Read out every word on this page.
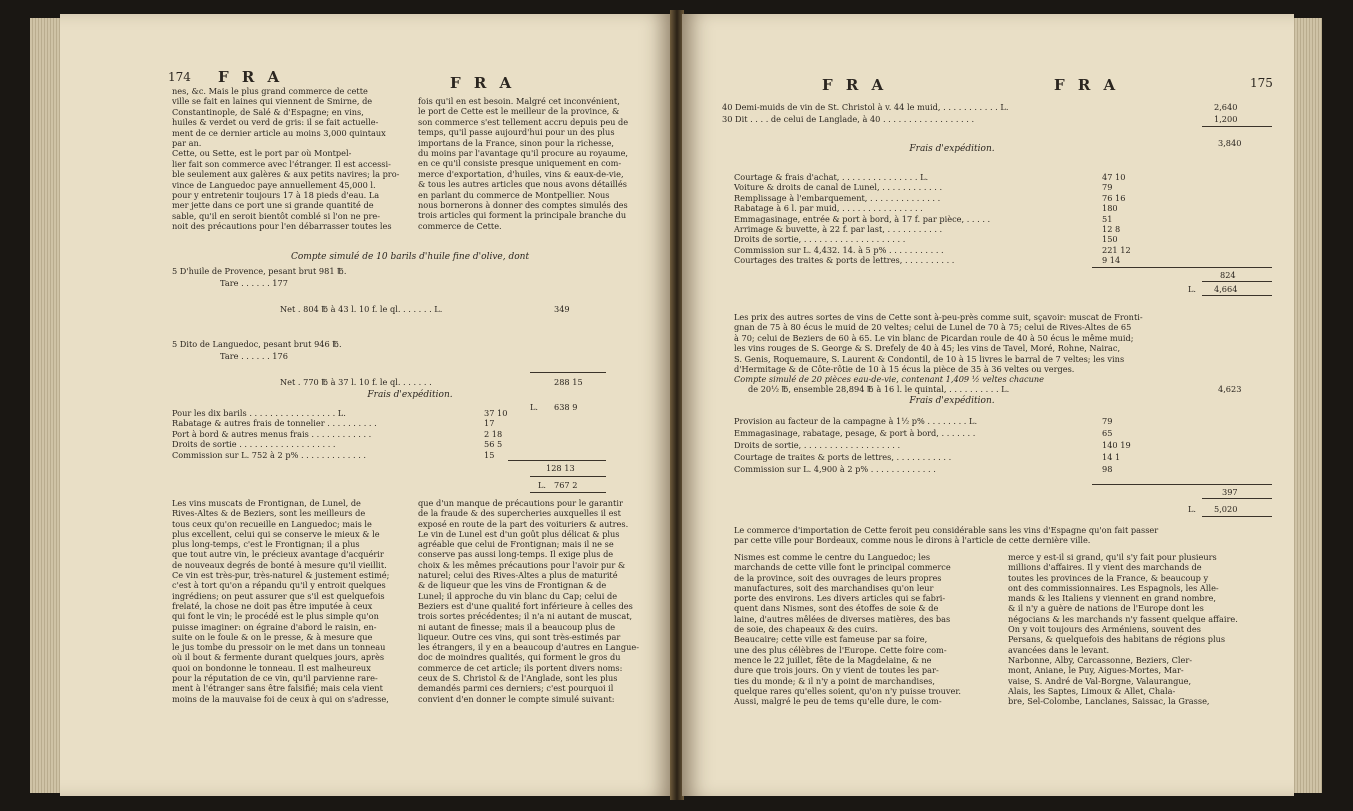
174 F R A	F R A
nes, &c. Mais le plus grand commerce de cette
ville se fait en laines qui viennent de Smirne, de
Constantinople, de Salé & d'Espagne; en vins,
huiles & verdet ou verd de gris: il se fait actuelle-
ment de ce dernier article au moins 3,000 quintaux
par an.
Cette, ou Sette, est le port par où Montpel-
lier fait son commerce avec l'étranger. Il est accessi-
ble seulement aux galères & aux petits navires; la pro-
vince de Languedoc paye annuellement 45,000 l.
pour y entretenir toujours 17 à 18 pieds d'eau. La
mer jette dans ce port une si grande quantité de
sable, qu'il en seroit bientôt comblé si l'on ne pre-
noit des précautions pour l'en débarrasser toutes les
fois qu'il en est besoin. Malgré cet inconvénient,
le port de Cette est le meilleur de la province, &
son commerce s'est tellement accru depuis peu de
temps, qu'il passe aujourd'hui pour un des plus
importans de la France, sinon pour la richesse,
du moins par l'avantage qu'il procure au royaume,
en ce qu'il consiste presque uniquement en com-
merce d'exportation, d'huiles, vins & eaux-de-vie,
& tous les autres articles que nous avons détaillés
en parlant du commerce de Montpellier. Nous
nous bornerons à donner des comptes simulés des
trois articles qui forment la principale branche du
commerce de Cette.
Compte simulé de 10 barils d'huile fine d'olive, dont
5 D'huile de Provence, pesant brut 981 ℔.
Tare . . . . . . 177
Net . 804 ℔ à 43 l. 10 f. le ql. . . . . . . L.	349
5 Dito de Languedoc, pesant brut 946 ℔.
Tare . . . . . . 176
Net . 770 ℔ à 37 l. 10 f. le ql. . . . . . .	288 15
L. 638 9
Frais d'expédition.
Pour les dix barils . . . . . . . . . . . . . . . . . L.	37 10
Rabatage & autres frais de tonnelier . . . . . . . . . .	17
Port à bord & autres menus frais . . . . . . . . . . . .	2 18
Droits de sortie . . . . . . . . . . . . . . . . . . .	56 5
Commission sur L. 752 à 2 p% . . . . . . . . . . . . .	15
128 13
L. 767 2
Les vins muscats de Frontignan, de Lunel, de
Rives-Altes & de Beziers, sont les meilleurs de
tous ceux qu'on recueille en Languedoc; mais le
plus excellent, celui qui se conserve le mieux & le
plus long-temps, c'est le Frontignan; il a plus
que tout autre vin, le précieux avantage d'acquérir
de nouveaux degrés de bonté à mesure qu'il vieillit.
Ce vin est très-pur, très-naturel & justement estimé;
c'est à tort qu'on a répandu qu'il y entroit quelques
ingrédiens; on peut assurer que s'il est quelquefois
frelaté, la chose ne doit pas être imputée à ceux
qui font le vin; le procédé est le plus simple qu'on
puisse imaginer: on égraine d'abord le raisin, en-
suite on le foule & on le presse, & à mesure que
le jus tombe du pressoir on le met dans un tonneau
où il bout & fermente durant quelques jours, après
quoi on bondonne le tonneau. Il est malheureux
pour la réputation de ce vin, qu'il parvienne rare-
ment à l'étranger sans être falsifié; mais cela vient
moins de la mauvaise foi de ceux à qui on s'adresse,
que d'un manque de précautions pour le garantir
de la fraude & des supercheries auxquelles il est
exposé en route de la part des voituriers & autres.
Le vin de Lunel est d'un goût plus délicat & plus
agréable que celui de Frontignan; mais il ne se
conserve pas aussi long-temps. Il exige plus de
choix & les mêmes précautions pour l'avoir pur &
naturel; celui des Rives-Altes a plus de maturité
& de liqueur que les vins de Frontignan & de
Lunel; il approche du vin blanc du Cap; celui de
Beziers est d'une qualité fort inférieure à celles des
trois sortes précédentes; il n'a ni autant de muscat,
ni autant de finesse; mais il a beaucoup plus de
liqueur. Outre ces vins, qui sont très-estimés par
les étrangers, il y en a beaucoup d'autres en Langue-
doc de moindres qualités, qui forment le gros du
commerce de cet article; ils portent divers noms:
ceux de S. Christol & de l'Anglade, sont les plus
demandés parmi ces derniers; c'est pourquoi il
convient d'en donner le compte simulé suivant:
F R A	F R A	175
40 Demi-muids de vin de St. Christol à v. 44 le muid, . . . . . . . . . . . L.	2,640
30 Dit . . . . de celui de Langlade, à 40 . . . . . . . . . . . . . . . . . .	1,200
3,840
Frais d'expédition.
Courtage & frais d'achat, . . . . . . . . . . . . . . . L.	47 10
Voiture & droits de canal de Lunel, . . . . . . . . . . . .	79
Remplissage à l'embarquement, . . . . . . . . . . . . . .	76 16
Rabatage à 6 l. par muid, . . . . . . . . . . . . . . . .	180
Emmagasinage, entrée & port à bord, à 17 f. par pièce, . . . . .	51
Arrimage & buvette, à 22 f. par last, . . . . . . . . . . .	12 8
Droits de sortie, . . . . . . . . . . . . . . . . . . . .	150
Commission sur L. 4,432. 14. à 5 p% . . . . . . . . . . .	221 12
Courtages des traites & ports de lettres, . . . . . . . . . .	9 14
824
L. 4,664
Les prix des autres sortes de vins de Cette sont à-peu-près comme suit, sçavoir: muscat de Fronti-
gnan de 75 à 80 écus le muid de 20 veltes; celui de Lunel de 70 à 75; celui de Rives-Altes de 65
à 70; celui de Beziers de 60 à 65. Le vin blanc de Picardan roule de 40 à 50 écus le même muid;
les vins rouges de S. George & S. Drefely de 40 à 45; les vins de Tavel, Moré, Rohne, Nairac,
S. Genis, Roquemaure, S. Laurent & Condontil, de 10 à 15 livres le barral de 7 veltes; les vins
d'Hermitage & de Côte-rôtie de 10 à 15 écus la pièce de 35 à 36 veltes ou verges.
Compte simulé de 20 pièces eau-de-vie, contenant 1,409 ½ veltes chacune
de 20½ ℔, ensemble 28,894 ℔ à 16 l. le quintal, . . . . . . . . . . L.	4,623
Frais d'expédition.
Provision au facteur de la campagne à 1½ p% . . . . . . . . L.	79
Emmagasinage, rabatage, pesage, & port à bord, . . . . . . .	65
Droits de sortie, . . . . . . . . . . . . . . . . . . .	140 19
Courtage de traites & ports de lettres, . . . . . . . . . . .	14 1
Commission sur L. 4,900 à 2 p% . . . . . . . . . . . . .	98
397
L. 5,020
Le commerce d'importation de Cette feroit peu considérable sans les vins d'Espagne qu'on fait passer
par cette ville pour Bordeaux, comme nous le dirons à l'article de cette dernière ville.
Nismes est comme le centre du Languedoc; les
marchands de cette ville font le principal commerce
de la province, soit des ouvrages de leurs propres
manufactures, soit des marchandises qu'on leur
porte des environs. Les divers articles qui se fabri-
quent dans Nismes, sont des étoffes de soie & de
laine, d'autres mêlées de diverses matières, des bas
de soie, des chapeaux & des cuirs.
Beaucaire; cette ville est fameuse par sa foire,
une des plus célèbres de l'Europe. Cette foire com-
mence le 22 juillet, fête de la Magdelaine, & ne
dure que trois jours. On y vient de toutes les par-
ties du monde; & il n'y a point de marchandises,
quelque rares qu'elles soient, qu'on n'y puisse trouver.
Aussi, malgré le peu de tems qu'elle dure, le com-
merce y est-il si grand, qu'il s'y fait pour plusieurs
millions d'affaires. Il y vient des marchands de
toutes les provinces de la France, & beaucoup y
ont des commissionnaires. Les Espagnols, les Alle-
mands & les Italiens y viennent en grand nombre,
& il n'y a guère de nations de l'Europe dont les
négocians & les marchands n'y fassent quelque affaire.
On y voit toujours des Arméniens, souvent des
Persans, & quelquefois des habitans de régions plus
avancées dans le levant.
Narbonne, Alby, Carcassonne, Beziers, Cler-
mont, Aniane, le Puy, Aigues-Mortes, Mar-
vaise, S. André de Val-Borgne, Valaurangue,
Alais, les Saptes, Limoux & Allet, Chala-
bre, Sel-Colombe, Lanclanes, Saissac, la Grasse,
